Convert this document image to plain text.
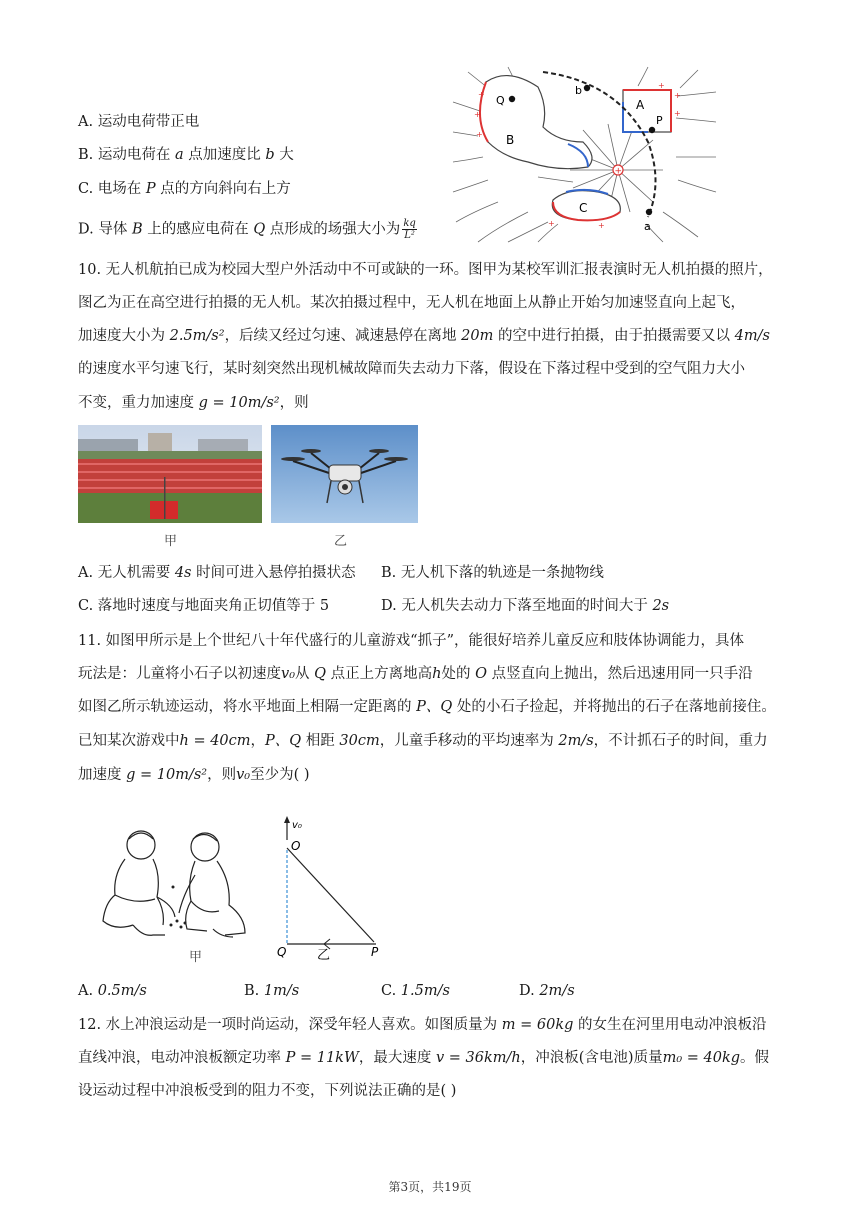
A. 运动电荷带正电
B. 运动电荷在 a 点加速度比 b 大
C. 电场在 P 点的方向斜向右上方
D. 导体 B 上的感应电荷在 Q 点形成的场强大小为 $\frac{kq}{\text{L²}}$
+
+
+
+
+
+
+	+
+
Q
B
b
A
P
C
a
10. 无人机航拍已成为校园大型户外活动中不可或缺的一环。图甲为某校军训汇报表演时无人机拍摄的照片，
图乙为正在高空进行拍摄的无人机。某次拍摄过程中，无人机在地面上从静止开始匀加速竖直向上起飞，
加速度大小为 2.5m/s²，后续又经过匀速、减速悬停在离地 20m 的空中进行拍摄，由于拍摄需要又以 4m/s
的速度水平匀速飞行，某时刻突然出现机械故障而失去动力下落，假设在下落过程中受到的空气阻力大小
不变，重力加速度 g = 10m/s²，则
甲	乙
A. 无人机需要 4s 时间可进入悬停拍摄状态 B. 无人机下落的轨迹是一条抛物线
C. 落地时速度与地面夹角正切值等于 5	D. 无人机失去动力下落至地面的时间大于 2s
11. 如图甲所示是上个世纪八十年代盛行的儿童游戏“抓子”，能很好培养儿童反应和肢体协调能力，具体
玩法是：儿童将小石子以初速度v₀从 Q 点正上方离地高h处的 O 点竖直向上抛出，然后迅速用同一只手沿
如图乙所示轨迹运动，将水平地面上相隔一定距离的 P、Q 处的小石子捡起，并将抛出的石子在落地前接住。
已知某次游戏中h = 40cm，P、Q 相距 30cm，儿童手移动的平均速率为 2m/s，不计抓石子的时间，重力
加速度 g = 10m/s²，则v₀至少为( )
甲
v₀
O
Q	P
乙
A. 0.5m/s	B. 1m/s	C. 1.5m/s	D. 2m/s
12. 水上冲浪运动是一项时尚运动，深受年轻人喜欢。如图质量为 m = 60kg 的女生在河里用电动冲浪板沿
直线冲浪，电动冲浪板额定功率 P = 11kW，最大速度 v = 36km/h，冲浪板(含电池)质量m₀ = 40kg。假
设运动过程中冲浪板受到的阻力不变，下列说法正确的是( )
第3页，共19页
